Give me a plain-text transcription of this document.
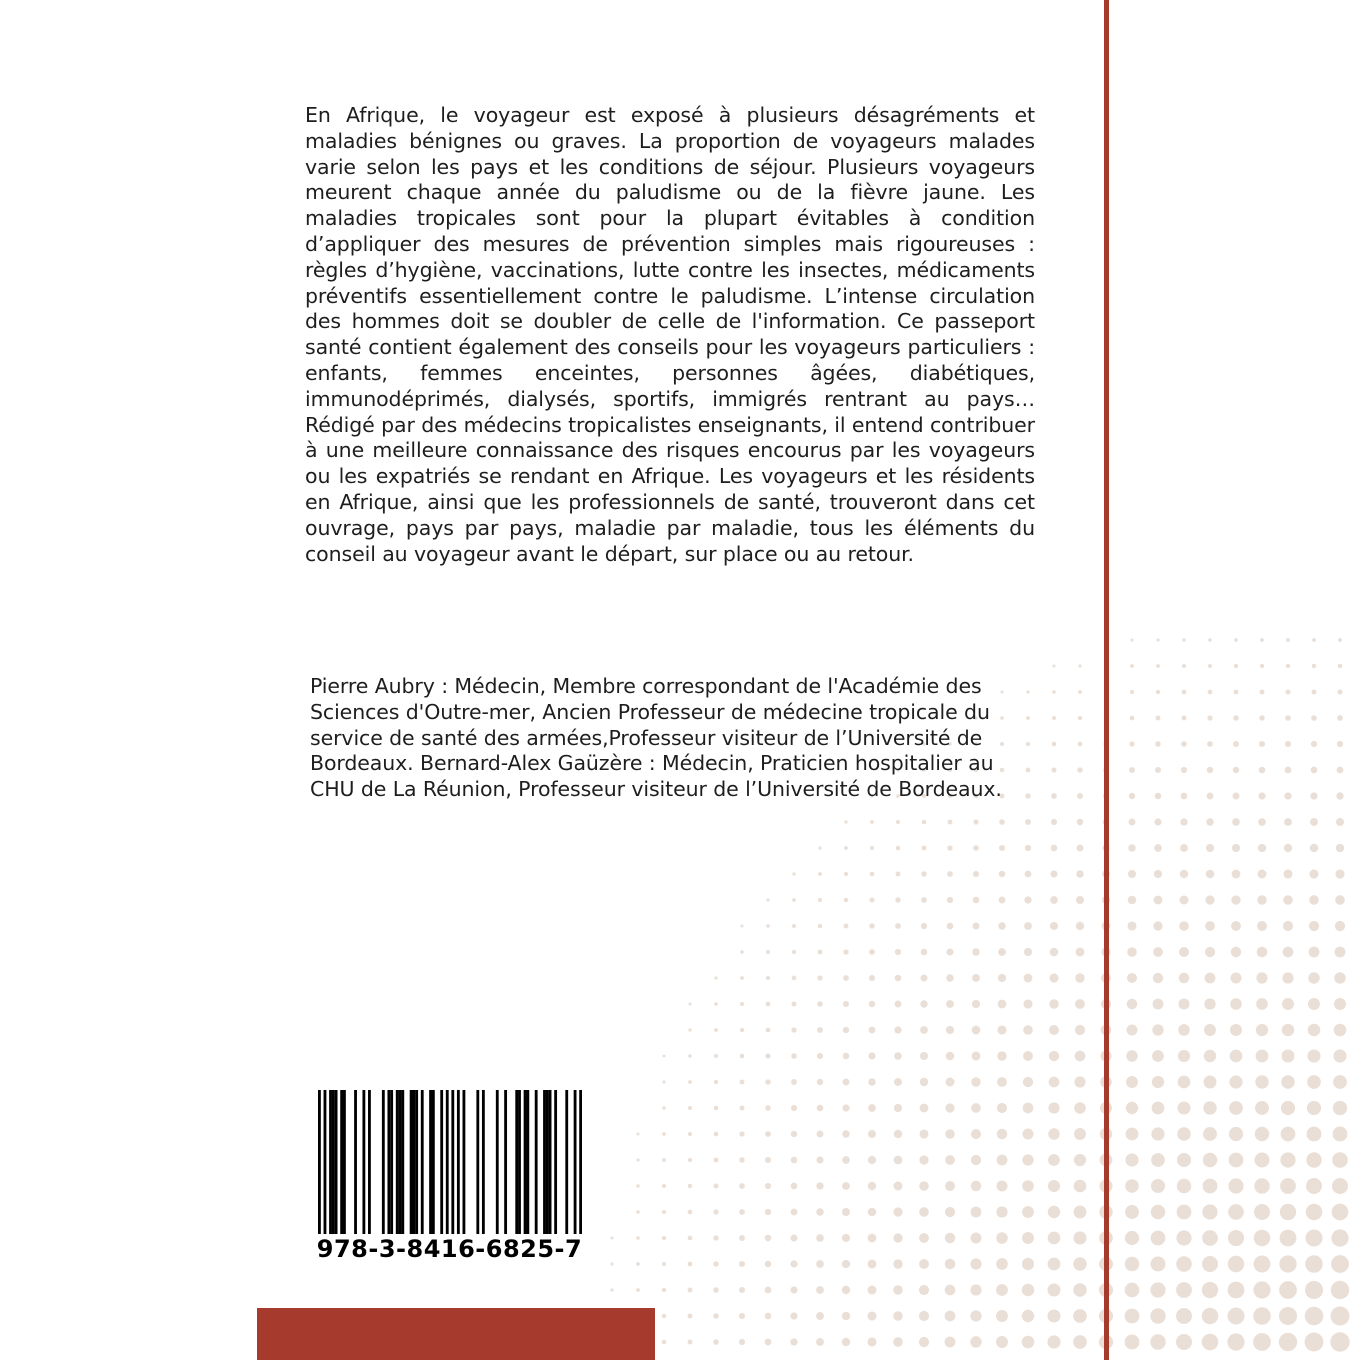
En Afrique, le voyageur est exposé à plusieurs désagréments et maladies bénignes ou graves. La proportion de voyageurs malades varie selon les pays et les conditions de séjour. Plusieurs voyageurs meurent chaque année du paludisme ou de la fièvre jaune. Les maladies tropicales sont pour la plupart évitables à condition d’appliquer des mesures de prévention simples mais rigoureuses : règles d’hygiène, vaccinations, lutte contre les insectes, médicaments préventifs essentiellement contre le paludisme. L’intense circulation des hommes doit se doubler de celle de l'information. Ce passeport santé contient également des conseils pour les voyageurs particuliers : enfants, femmes enceintes, personnes âgées, diabétiques, immunodéprimés, dialysés, sportifs, immigrés rentrant au pays… Rédigé par des médecins tropicalistes enseignants, il entend contribuer à une meilleure connaissance des risques encourus par les voyageurs ou les expatriés se rendant en Afrique. Les voyageurs et les résidents en Afrique, ainsi que les professionnels de santé, trouveront dans cet ouvrage, pays par pays, maladie par maladie, tous les éléments du conseil au voyageur avant le départ, sur place ou au retour.

Pierre Aubry : Médecin, Membre correspondant de l'Académie des Sciences d'Outre-mer, Ancien Professeur de médecine tropicale du service de santé des armées,Professeur visiteur de l’Université de Bordeaux. Bernard-Alex Gaüzère : Médecin, Praticien hospitalier au CHU de La Réunion, Professeur visiteur de l’Université de Bordeaux.

978-3-8416-6825-7
